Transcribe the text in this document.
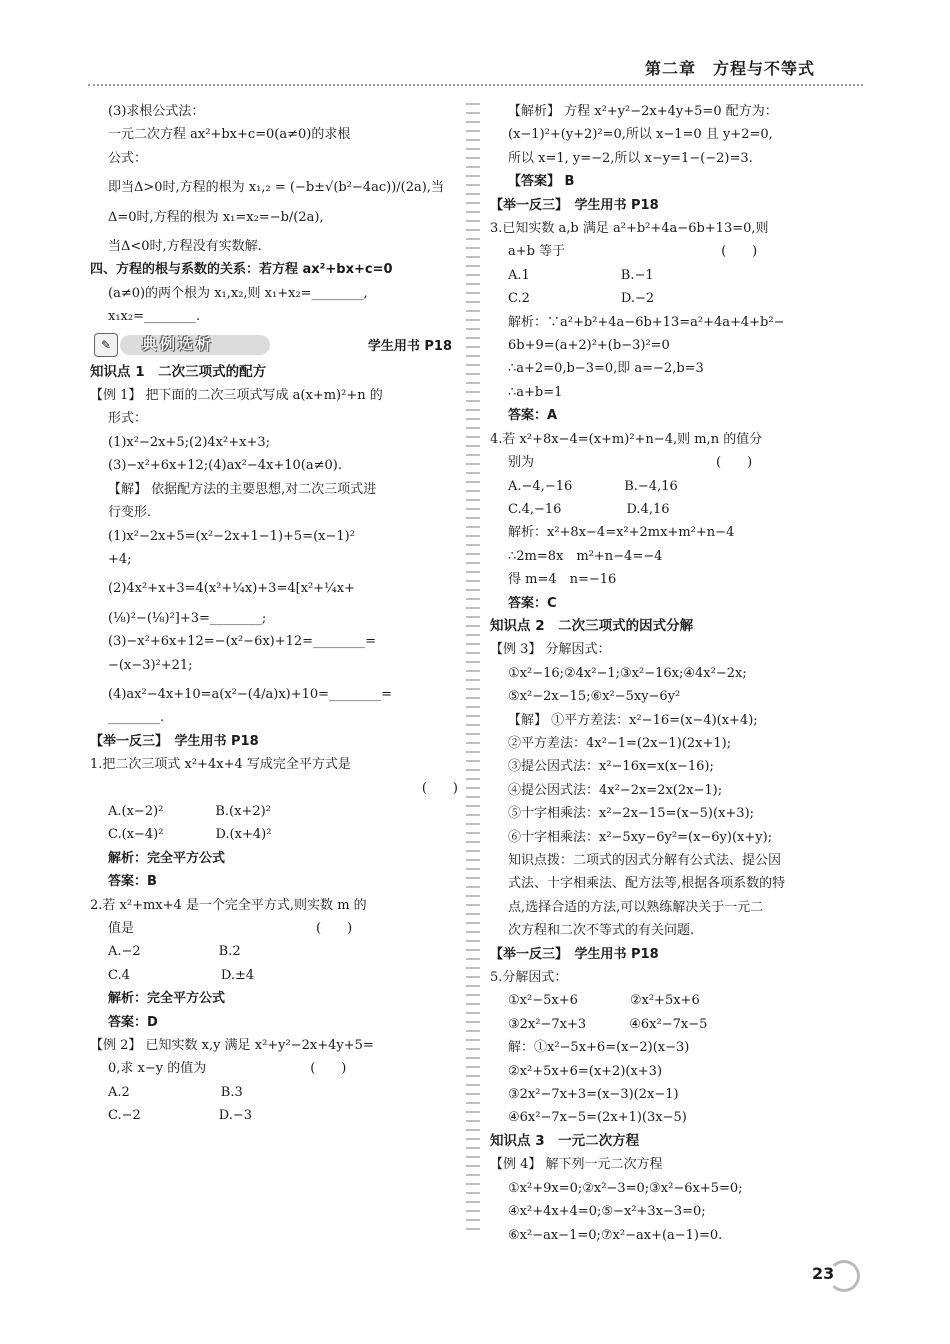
第二章　方程与不等式

(3)求根公式法：

一元二次方程 ax²+bx+c=0(a≠0)的求根

公式：

即当Δ>0时,方程的根为 x₁,₂ = (−b±√(b²−4ac))/(2a),当

Δ=0时,方程的根为 x₁=x₂=−b/(2a),

当Δ<0时,方程没有实数解.

四、方程的根与系数的关系：若方程 ax²+bx+c=0

(a≠0)的两个根为 x₁,x₂,则 x₁+x₂=________,

x₁x₂=________.

✎	典例选析	学生用书 P18

知识点 1　二次三项式的配方

【例 1】 把下面的二次三项式写成 a(x+m)²+n 的

形式：

(1)x²−2x+5;(2)4x²+x+3;

(3)−x²+6x+12;(4)ax²−4x+10(a≠0).

【解】 依据配方法的主要思想,对二次三项式进

行变形.

(1)x²−2x+5=(x²−2x+1−1)+5=(x−1)²

+4;

(2)4x²+x+3=4(x²+¼x)+3=4[x²+¼x+

(⅛)²−(⅛)²]+3=________;

(3)−x²+6x+12=−(x²−6x)+12=________=

−(x−3)²+21;

(4)ax²−4x+10=a(x²−(4/a)x)+10=________=

________.

【举一反三】　学生用书 P18

1.把二次三项式 x²+4x+4 写成完全平方式是

(　　)

A.(x−2)²　　　　B.(x+2)²

C.(x−4)²　　　　D.(x+4)²

解析：完全平方公式

答案：B

2.若 x²+mx+4 是一个完全平方式,则实数 m 的

值是　　　　　　　　　　　　　　(　　)

A.−2　　　　　　B.2

C.4　　　　　　　D.±4

解析：完全平方公式

答案：D

【例 2】 已知实数 x,y 满足 x²+y²−2x+4y+5=

0,求 x−y 的值为　　　　　　　　(　　)

A.2　　　　　　　B.3

C.−2　　　　　　D.−3

【解析】 方程 x²+y²−2x+4y+5=0 配方为：

(x−1)²+(y+2)²=0,所以 x−1=0 且 y+2=0,

所以 x=1, y=−2,所以 x−y=1−(−2)=3.

【答案】 B

【举一反三】　学生用书 P18

3.已知实数 a,b 满足 a²+b²+4a−6b+13=0,则

a+b 等于　　　　　　　　　　　　(　　)

A.1　　　　　　　B.−1

C.2　　　　　　　D.−2

解析：∵a²+b²+4a−6b+13=a²+4a+4+b²−

6b+9=(a+2)²+(b−3)²=0

∴a+2=0,b−3=0,即 a=−2,b=3

∴a+b=1

答案：A

4.若 x²+8x−4=(x+m)²+n−4,则 m,n 的值分

别为　　　　　　　　　　　　　　(　　)

A.−4,−16　　　　B.−4,16

C.4,−16　　　　　D.4,16

解析：x²+8x−4=x²+2mx+m²+n−4

∴2m=8x　m²+n−4=−4

得 m=4　n=−16

答案：C

知识点 2　二次三项式的因式分解

【例 3】 分解因式：

①x²−16;②4x²−1;③x²−16x;④4x²−2x;

⑤x²−2x−15;⑥x²−5xy−6y²

【解】 ①平方差法：x²−16=(x−4)(x+4);

②平方差法：4x²−1=(2x−1)(2x+1);

③提公因式法：x²−16x=x(x−16);

④提公因式法：4x²−2x=2x(2x−1);

⑤十字相乘法：x²−2x−15=(x−5)(x+3);

⑥十字相乘法：x²−5xy−6y²=(x−6y)(x+y);

知识点拨：二项式的因式分解有公式法、提公因

式法、十字相乘法、配方法等,根据各项系数的特

点,选择合适的方法,可以熟练解决关于一元二

次方程和二次不等式的有关问题.

【举一反三】　学生用书 P18

5.分解因式：

①x²−5x+6　　　　②x²+5x+6

③2x²−7x+3　　　 ④6x²−7x−5

解：①x²−5x+6=(x−2)(x−3)

②x²+5x+6=(x+2)(x+3)

③2x²−7x+3=(x−3)(2x−1)

④6x²−7x−5=(2x+1)(3x−5)

知识点 3　一元二次方程

【例 4】 解下列一元二次方程

①x²+9x=0;②x²−3=0;③x²−6x+5=0;

④x²+4x+4=0;⑤−x²+3x−3=0;

⑥x²−ax−1=0;⑦x²−ax+(a−1)=0.

23
